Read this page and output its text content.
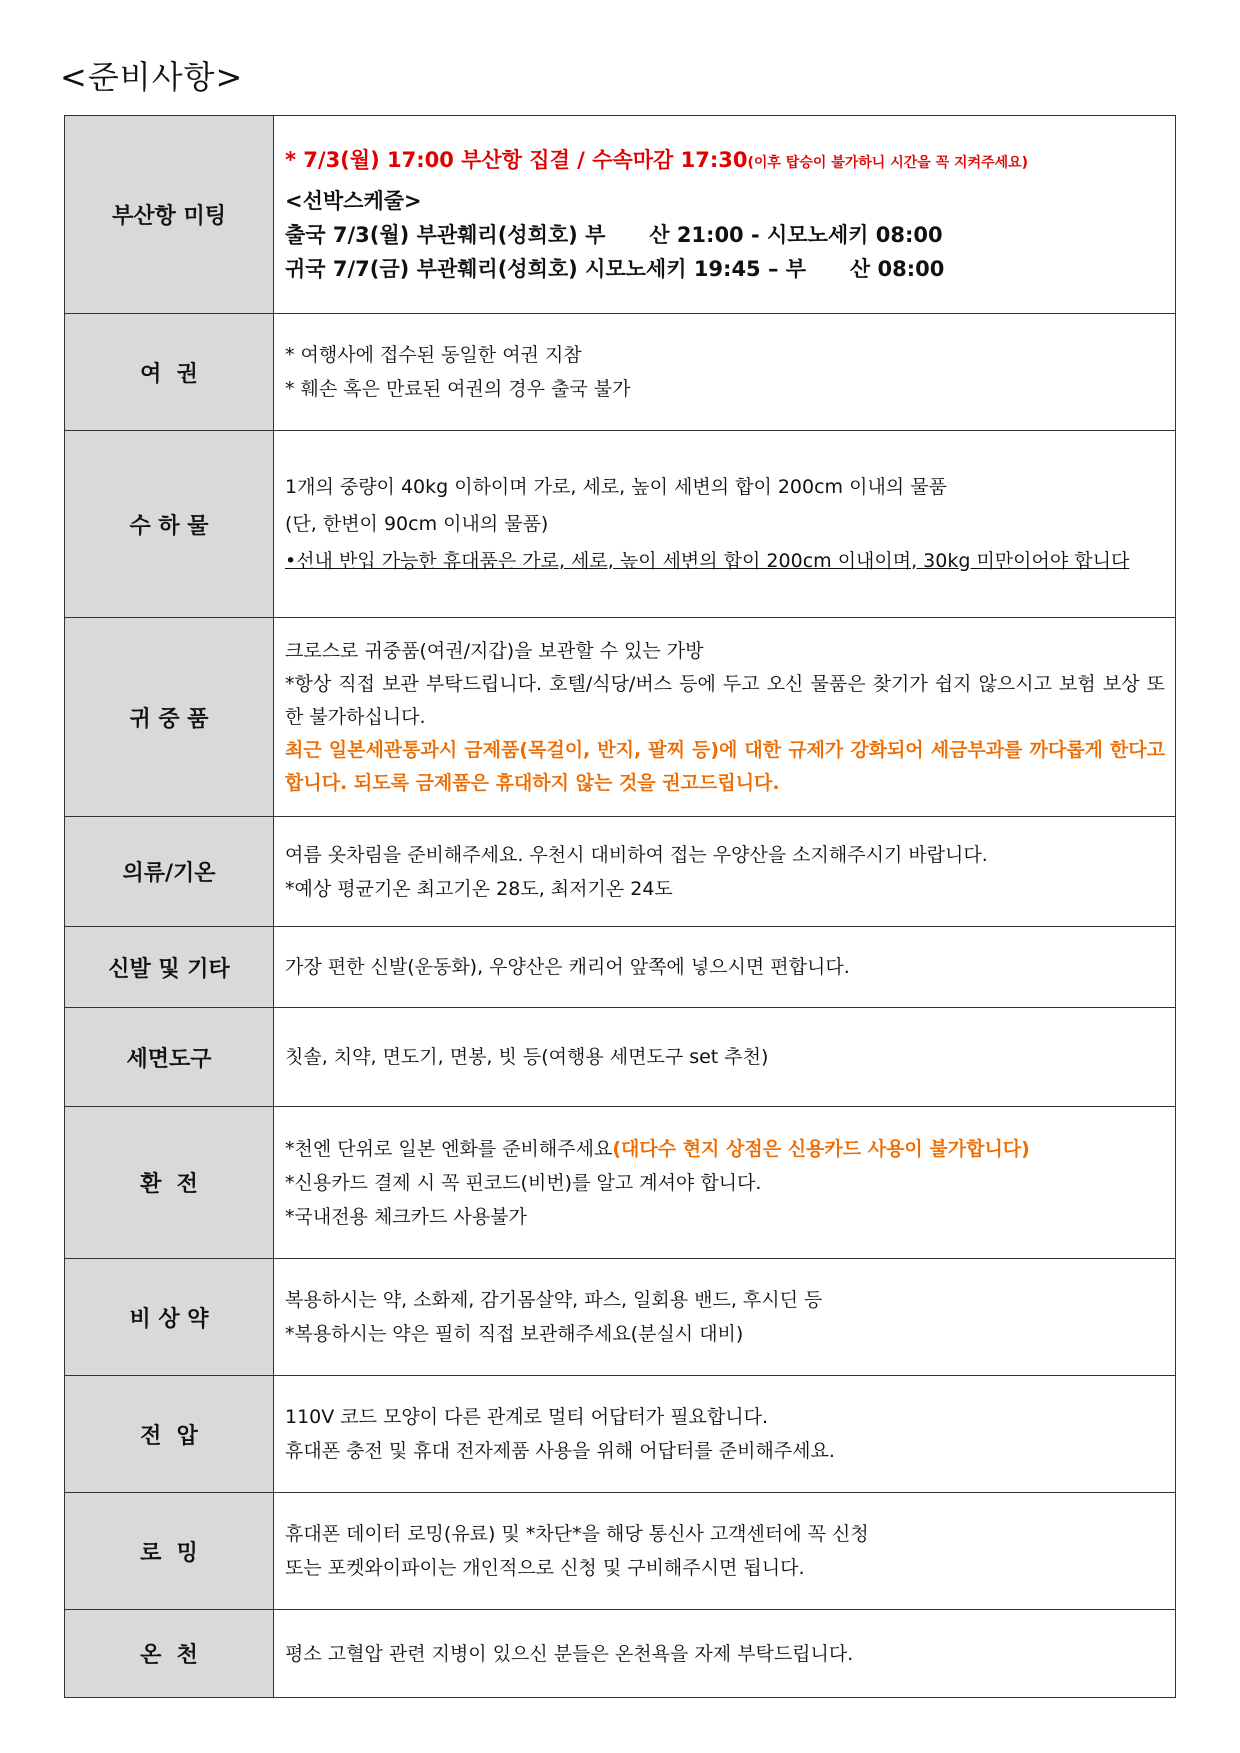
<준비사항>
부산항 미팅	* 7/3(월) 17:00 부산항 집결 / 수속마감 17:30(이후 탑승이 불가하니 시간을 꼭 지켜주세요)
<선박스케줄>
출국 7/3(월) 부관훼리(성희호) 부      산 21:00 - 시모노세키 08:00
귀국 7/7(금) 부관훼리(성희호) 시모노세키 19:45 – 부      산 08:00

여  권	* 여행사에 접수된 동일한 여권 지참
* 훼손 혹은 만료된 여권의 경우 출국 불가

수 하 물	1개의 중량이 40kg 이하이며 가로, 세로, 높이 세변의 합이 200cm 이내의 물품
(단, 한변이 90cm 이내의 물품)
•선내 반입 가능한 휴대품은 가로, 세로, 높이 세변의 합이 200cm 이내이며, 30kg 미만이어야 합니다

귀 중 품	크로스로 귀중품(여권/지갑)을 보관할 수 있는 가방
*항상 직접 보관 부탁드립니다. 호텔/식당/버스 등에 두고 오신 물품은 찾기가 쉽지 않으시고 보험 보상 또한 불가하십니다.
최근 일본세관통과시 금제품(목걸이, 반지, 팔찌 등)에 대한 규제가 강화되어 세금부과를 까다롭게 한다고 합니다. 되도록 금제품은 휴대하지 않는 것을 권고드립니다.

의류/기온	여름 옷차림을 준비해주세요. 우천시 대비하여 접는 우양산을 소지해주시기 바랍니다.
*예상 평균기온 최고기온 28도, 최저기온 24도

신발 및 기타	가장 편한 신발(운동화), 우양산은 캐리어 앞쪽에 넣으시면 편합니다.

세면도구	칫솔, 치약, 면도기, 면봉, 빗 등(여행용 세면도구 set 추천)

환  전	*천엔 단위로 일본 엔화를 준비해주세요(대다수 현지 상점은 신용카드 사용이 불가합니다)
*신용카드 결제 시 꼭 핀코드(비번)를 알고 계셔야 합니다.
*국내전용 체크카드 사용불가

비 상 약	복용하시는 약, 소화제, 감기몸살약, 파스, 일회용 밴드, 후시딘 등
*복용하시는 약은 필히 직접 보관해주세요(분실시 대비)

전  압	110V 코드 모양이 다른 관계로 멀티 어답터가 필요합니다.
휴대폰 충전 및 휴대 전자제품 사용을 위해 어답터를 준비해주세요.

로  밍	휴대폰 데이터 로밍(유료) 및 *차단*을 해당 통신사 고객센터에 꼭 신청
또는 포켓와이파이는 개인적으로 신청 및 구비해주시면 됩니다.

온  천	평소 고혈압 관련 지병이 있으신 분들은 온천욕을 자제 부탁드립니다.
